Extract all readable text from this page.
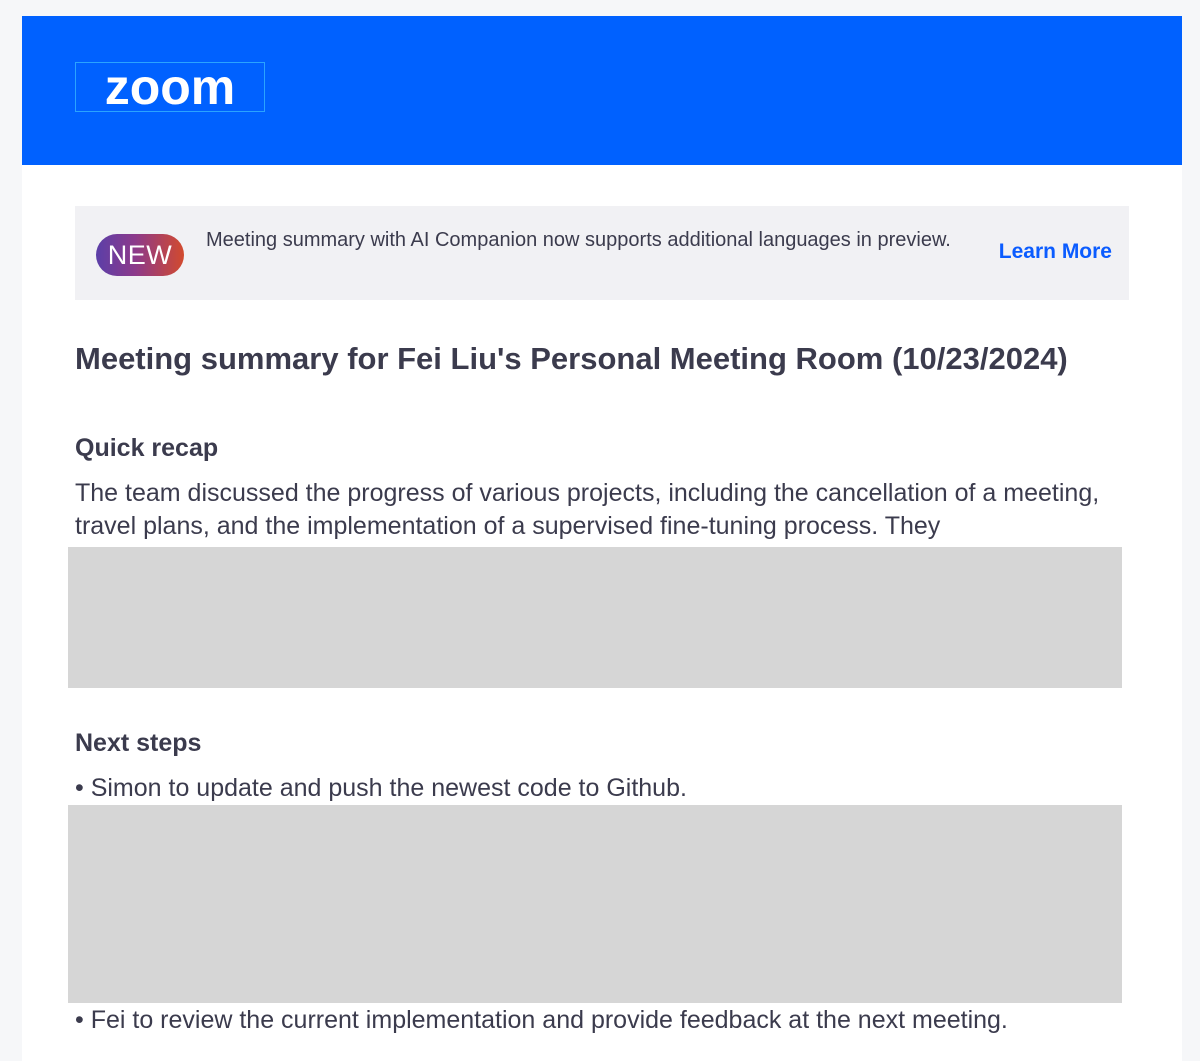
zoom
NEW	Meeting summary with AI Companion now supports additional languages in preview.	Learn More
Meeting summary for Fei Liu's Personal Meeting Room (10/23/2024)
Quick recap

The team discussed the progress of various projects, including the cancellation of a meeting, travel plans, and the implementation of a supervised fine-tuning process. They

Next steps

• Simon to update and push the newest code to Github.

• Fei to review the current implementation and provide feedback at the next meeting.
